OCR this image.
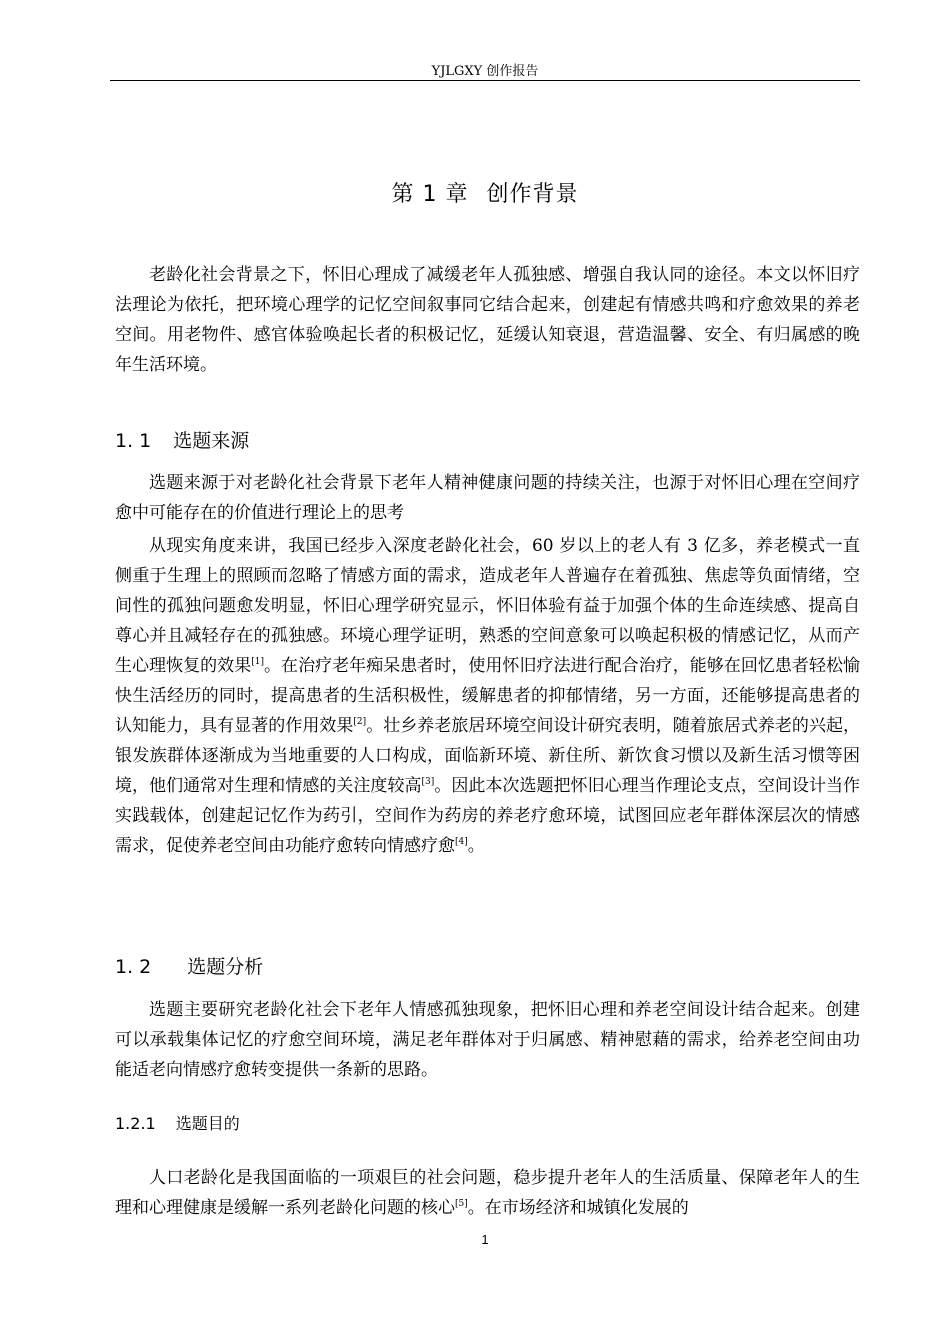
YJLGXY 创作报告
第 1 章 创作背景

老龄化社会背景之下，怀旧心理成了减缓老年人孤独感、增强自我认同的途径。本文以怀旧疗法理论为依托，把环境心理学的记忆空间叙事同它结合起来，创建起有情感共鸣和疗愈效果的养老空间。用老物件、感官体验唤起长者的积极记忆，延缓认知衰退，营造温馨、安全、有归属感的晚年生活环境。

1. 1 选题来源

选题来源于对老龄化社会背景下老年人精神健康问题的持续关注，也源于对怀旧心理在空间疗愈中可能存在的价值进行理论上的思考

从现实角度来讲，我国已经步入深度老龄化社会，60 岁以上的老人有 3 亿多，养老模式一直侧重于生理上的照顾而忽略了情感方面的需求，造成老年人普遍存在着孤独、焦虑等负面情绪，空间性的孤独问题愈发明显，怀旧心理学研究显示，怀旧体验有益于加强个体的生命连续感、提高自尊心并且减轻存在的孤独感。环境心理学证明，熟悉的空间意象可以唤起积极的情感记忆，从而产生心理恢复的效果[1]。在治疗老年痴呆患者时，使用怀旧疗法进行配合治疗，能够在回忆患者轻松愉快生活经历的同时，提高患者的生活积极性，缓解患者的抑郁情绪，另一方面，还能够提高患者的认知能力，具有显著的作用效果[2]。壮乡养老旅居环境空间设计研究表明，随着旅居式养老的兴起，银发族群体逐渐成为当地重要的人口构成，面临新环境、新住所、新饮食习惯以及新生活习惯等困境，他们通常对生理和情感的关注度较高[3]。因此本次选题把怀旧心理当作理论支点，空间设计当作实践载体，创建起记忆作为药引，空间作为药房的养老疗愈环境，试图回应老年群体深层次的情感需求，促使养老空间由功能疗愈转向情感疗愈[4]。

1. 2 选题分析

选题主要研究老龄化社会下老年人情感孤独现象，把怀旧心理和养老空间设计结合起来。创建可以承载集体记忆的疗愈空间环境，满足老年群体对于归属感、精神慰藉的需求，给养老空间由功能适老向情感疗愈转变提供一条新的思路。

1.2.1 选题目的

人口老龄化是我国面临的一项艰巨的社会问题，稳步提升老年人的生活质量、保障老年人的生理和心理健康是缓解一系列老龄化问题的核心[5]。在市场经济和城镇化发展的

1
